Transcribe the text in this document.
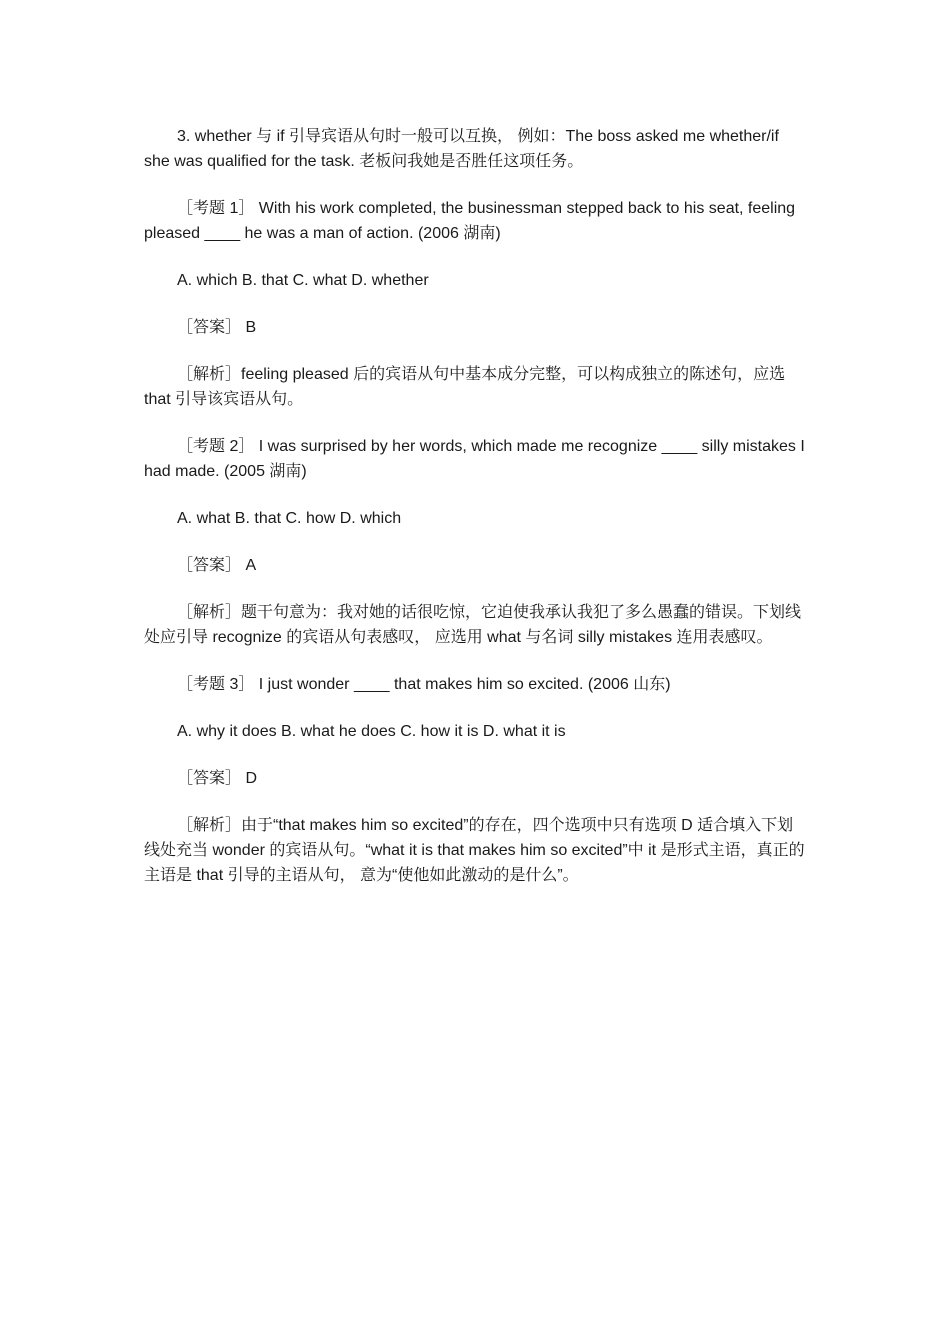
3. whether 与 if 引导宾语从句时一般可以互换， 例如：The boss asked me whether/if she was qualified for the task. 老板问我她是否胜任这项任务。

［考题 1］ With his work completed, the businessman stepped back to his seat, feeling pleased ____ he was a man of action. (2006 湖南)

A. which B. that C. what D. whether

［答案］ B

［解析］feeling pleased 后的宾语从句中基本成分完整，可以构成独立的陈述句，应选 that 引导该宾语从句。

［考题 2］ I was surprised by her words, which made me recognize ____ silly mistakes I had made. (2005 湖南)

A. what B. that C. how D. which

［答案］ A

［解析］题干句意为：我对她的话很吃惊，它迫使我承认我犯了多么愚蠢的错误。下划线处应引导 recognize 的宾语从句表感叹， 应选用 what 与名词 silly mistakes 连用表感叹。

［考题 3］ I just wonder ____ that makes him so excited. (2006 山东)

A. why it does B. what he does C. how it is D. what it is

［答案］ D

［解析］由于“that makes him so excited”的存在，四个选项中只有选项 D 适合填入下划线处充当 wonder 的宾语从句。“what it is that makes him so excited”中 it 是形式主语，真正的主语是 that 引导的主语从句， 意为“使他如此激动的是什么”。
